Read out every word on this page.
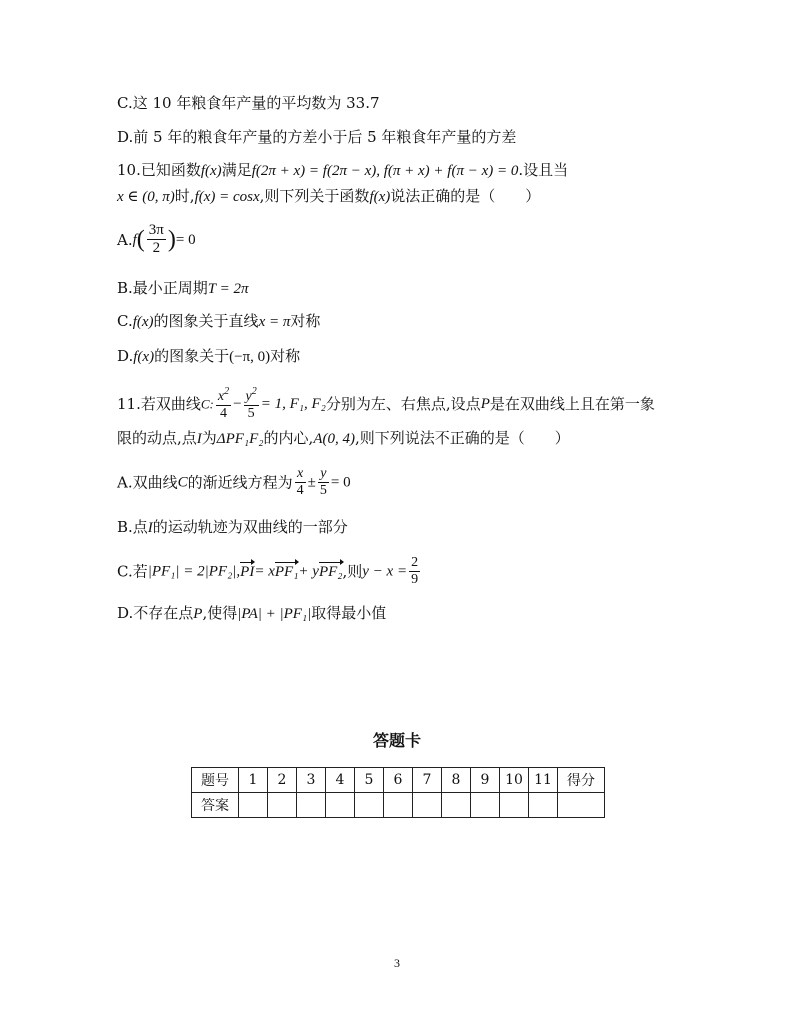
C.这 10 年粮食年产量的平均数为 33.7
D.前 5 年的粮食年产量的方差小于后 5 年粮食年产量的方差
10.已知函数f(x)满足f(2π + x) = f(2π − x), f(π + x) + f(π − x) = 0.设且当
x ∈ (0, π)时,f(x) = cosx,则下列关于函数f(x)说法正确的是（　　）
$A.f( \frac{3\pi}{2}$ )= 0
B.最小正周期T = 2π
C.f(x)的图象关于直线x = π对称
D.f(x)的图象关于(−π, 0)对称
11.若双曲线C: $\frac{x^2}{4} - \frac{y^2}{5} = 1$, F₁, F₂分别为左、右焦点,设点P是在双曲线上且在第一象
限的动点,点I为ΔPF₁F₂的内心,A(0, 4),则下列说法不正确的是（　　）
A.双曲线C的渐近线方程为 $\frac{x}{4} \pm \frac{y}{5} = 0$
B.点I的运动轨迹为双曲线的一部分
C.若|PF₁| = 2|PF₂|,PI= xPF₁+ yPF₂,则$y - x = \frac{2}{9}$
D.不存在点P,使得|PA| + |PF₁|取得最小值
答题卡
题号	1	2	3	4	5	6	7	8	9	10	11	得分
答案												
3
